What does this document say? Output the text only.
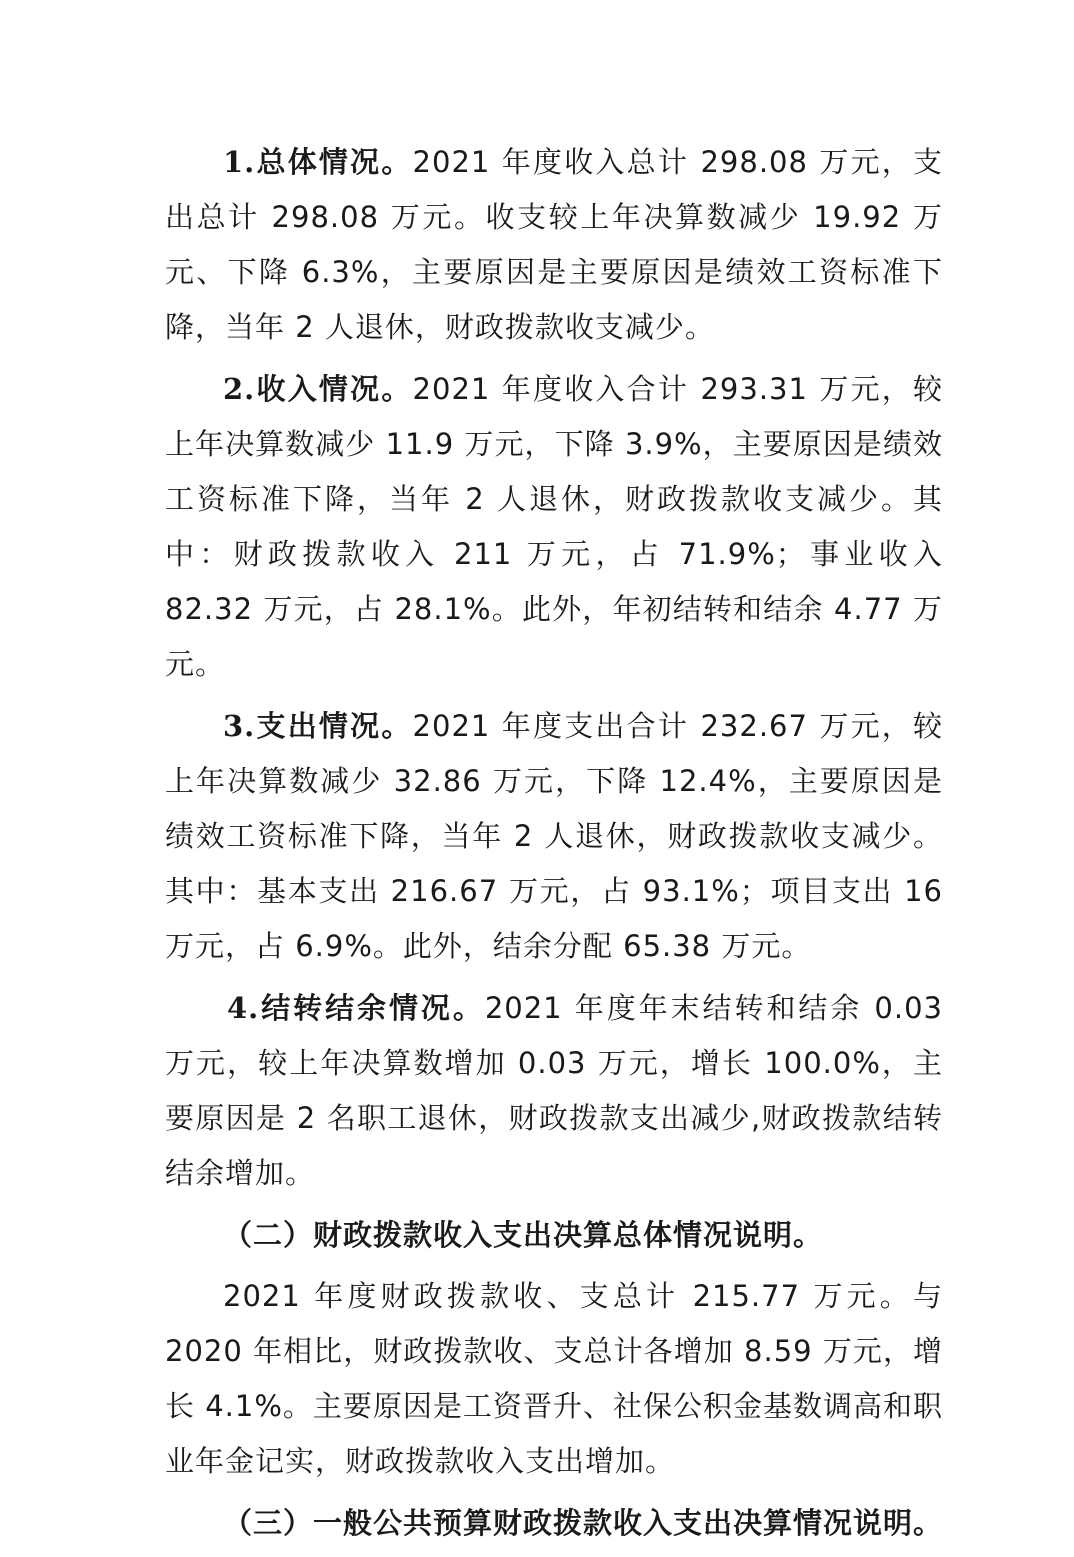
1.总体情况。2021 年度收入总计 298.08 万元，支出总计 298.08 万元。收支较上年决算数减少 19.92 万元、下降 6.3%，主要原因是主要原因是绩效工资标准下降，当年 2 人退休，财政拨款收支减少。

2.收入情况。2021 年度收入合计 293.31 万元，较上年决算数减少 11.9 万元，下降 3.9%，主要原因是绩效工资标准下降，当年 2 人退休，财政拨款收支减少。其中：财政拨款收入 211 万元，占 71.9%；事业收入 82.32 万元，占 28.1%。此外，年初结转和结余 4.77 万元。

3.支出情况。2021 年度支出合计 232.67 万元，较上年决算数减少 32.86 万元，下降 12.4%，主要原因是绩效工资标准下降，当年 2 人退休，财政拨款收支减少。其中：基本支出 216.67 万元，占 93.1%；项目支出 16 万元，占 6.9%。此外，结余分配 65.38 万元。

4.结转结余情况。2021 年度年末结转和结余 0.03 万元，较上年决算数增加 0.03 万元，增长 100.0%，主要原因是 2 名职工退休，财政拨款支出减少,财政拨款结转结余增加。

（二）财政拨款收入支出决算总体情况说明。

2021 年度财政拨款收、支总计 215.77 万元。与 2020 年相比，财政拨款收、支总计各增加 8.59 万元，增长 4.1%。主要原因是工资晋升、社保公积金基数调高和职业年金记实，财政拨款收入支出增加。

（三）一般公共预算财政拨款收入支出决算情况说明。
